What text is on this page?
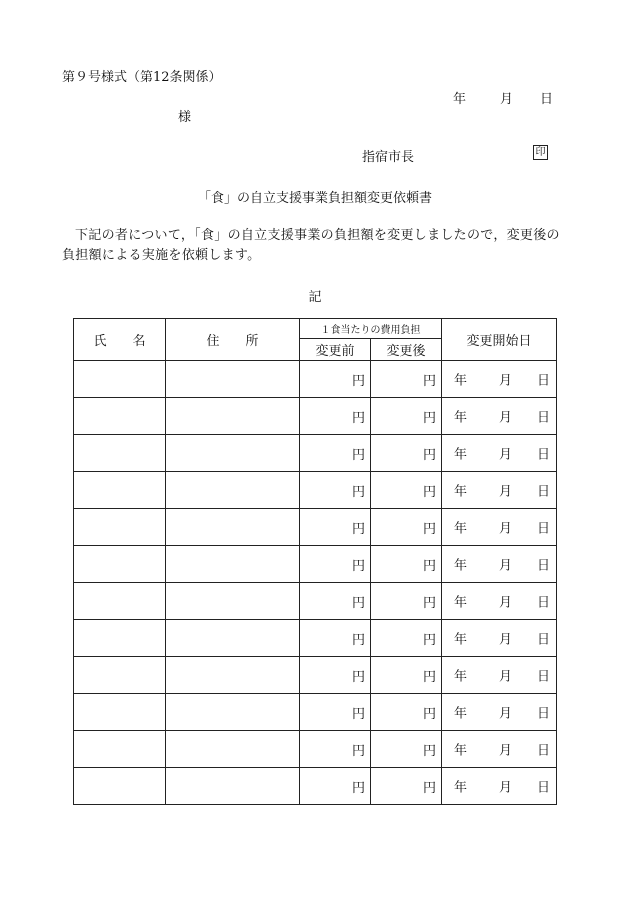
第９号様式（第12条関係）
年	月 日
様
指宿市長	印
「食」の自立支援事業負担額変更依頼書
下記の者について，「食」の自立支援事業の負担額を変更しましたので，変更後の負担額による実施を依頼します。
記
氏　　名	住　　所	１食当たりの費用負担		変更開始日
		変更前	変更後	
		円	円	年 月 日

		円	円	年 月 日

		円	円	年 月 日

		円	円	年 月 日

		円	円	年 月 日

		円	円	年 月 日

		円	円	年 月 日

		円	円	年 月 日

		円	円	年 月 日

		円	円	年 月 日

		円	円	年 月 日

		円	円	年 月 日
